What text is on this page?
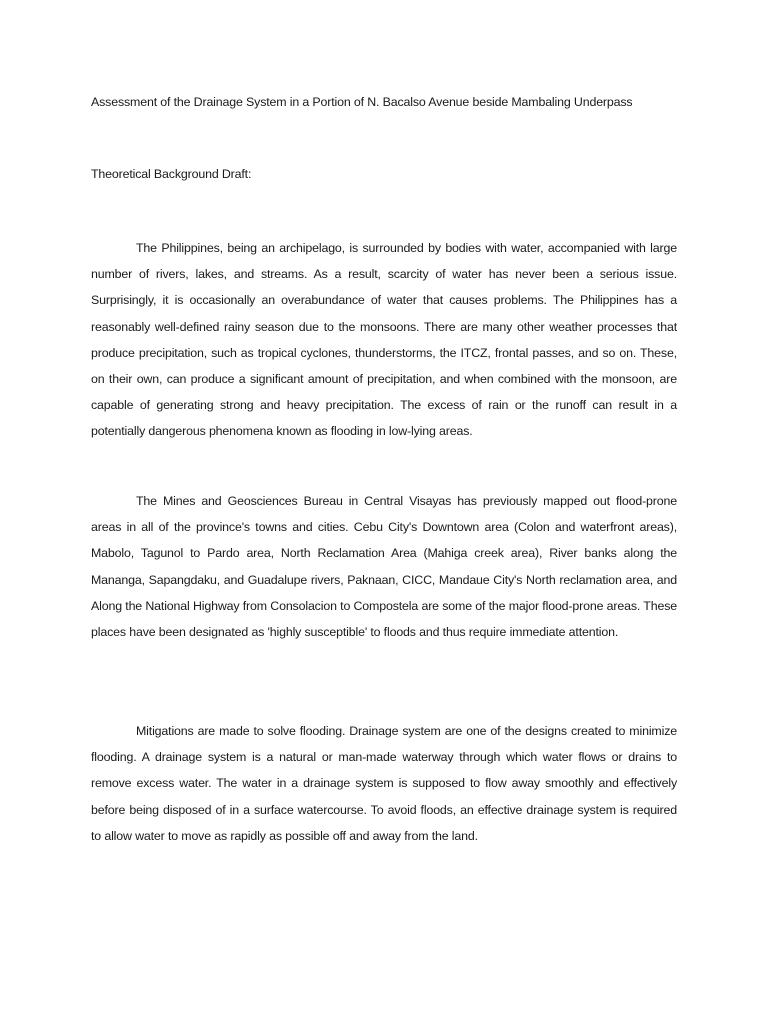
Assessment of the Drainage System in a Portion of N. Bacalso Avenue beside Mambaling Underpass
Theoretical Background Draft:

The Philippines, being an archipelago, is surrounded by bodies with water, accompanied with large number of rivers, lakes, and streams. As a result, scarcity of water has never been a serious issue. Surprisingly, it is occasionally an overabundance of water that causes problems. The Philippines has a reasonably well-defined rainy season due to the monsoons. There are many other weather processes that produce precipitation, such as tropical cyclones, thunderstorms, the ITCZ, frontal passes, and so on. These, on their own, can produce a significant amount of precipitation, and when combined with the monsoon, are capable of generating strong and heavy precipitation. The excess of rain or the runoff can result in a potentially dangerous phenomena known as flooding in low-lying areas.

The Mines and Geosciences Bureau in Central Visayas has previously mapped out flood-prone areas in all of the province's towns and cities. Cebu City's Downtown area (Colon and waterfront areas), Mabolo, Tagunol to Pardo area, North Reclamation Area (Mahiga creek area), River banks along the Mananga, Sapangdaku, and Guadalupe rivers, Paknaan, CICC, Mandaue City's North reclamation area, and Along the National Highway from Consolacion to Compostela are some of the major flood-prone areas. These places have been designated as 'highly susceptible' to floods and thus require immediate attention.

Mitigations are made to solve flooding. Drainage system are one of the designs created to minimize flooding. A drainage system is a natural or man-made waterway through which water flows or drains to remove excess water. The water in a drainage system is supposed to flow away smoothly and effectively before being disposed of in a surface watercourse. To avoid floods, an effective drainage system is required to allow water to move as rapidly as possible off and away from the land.
